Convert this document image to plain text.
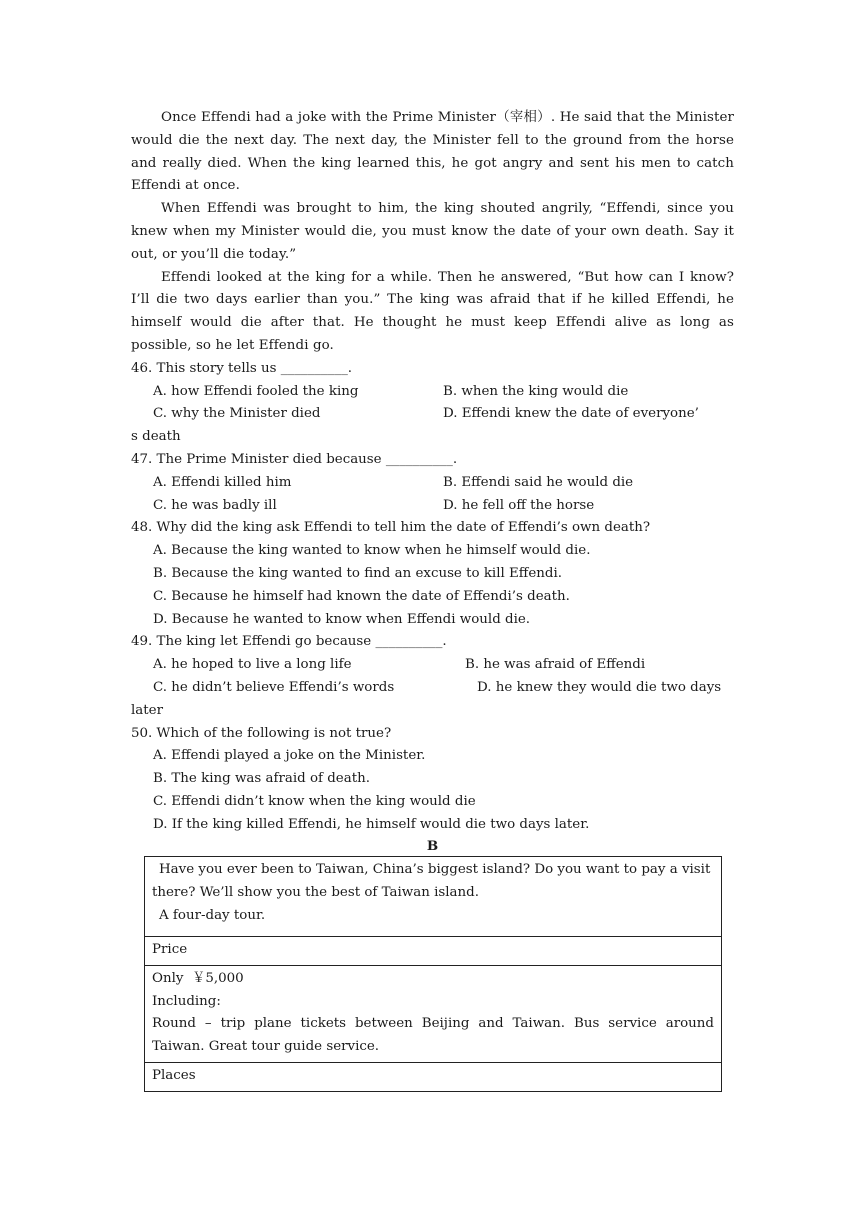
Once Effendi had a joke with the Prime Minister（宰相）. He said that the Minister would die the next day. The next day, the Minister fell to the ground from the horse and really died. When the king learned this, he got angry and sent his men to catch Effendi at once.

When Effendi was brought to him, the king shouted angrily, “Effendi, since you knew when my Minister would die, you must know the date of your own death. Say it out, or you’ll die today.”

Effendi looked at the king for a while. Then he answered, “But how can I know? I’ll die two days earlier than you.” The king was afraid that if he killed Effendi, he himself would die after that. He thought he must keep Effendi alive as long as possible, so he let Effendi go.

46. This story tells us __________.

A. how Effendi fooled the king	B. when the king would die
C. why the Minister died	D. Effendi knew the date of everyone’

s death

47. The Prime Minister died because __________.

A. Effendi killed him	B. Effendi said he would die
C. he was badly ill	D. he fell off the horse

48. Why did the king ask Effendi to tell him the date of Effendi’s own death?

A. Because the king wanted to know when he himself would die.

B. Because the king wanted to find an excuse to kill Effendi.

C. Because he himself had known the date of Effendi’s death.

D. Because he wanted to know when Effendi would die.

49. The king let Effendi go because __________.

A. he hoped to live a long life	B. he was afraid of Effendi
C. he didn’t believe Effendi’s words	D. he knew they would die two days

later

50. Which of the following is not true?

A. Effendi played a joke on the Minister.

B. The king was afraid of death.

C. Effendi didn’t know when the king would die

D. If the king killed Effendi, he himself would die two days later.

B
Have you ever been to Taiwan, China’s biggest island? Do you want to pay a visit there? We’ll show you the best of Taiwan island.
A four-day tour.

Price

Only  ￥5,000
Including:
Round – trip plane tickets between Beijing and Taiwan. Bus service around Taiwan. Great tour guide service.

Places
